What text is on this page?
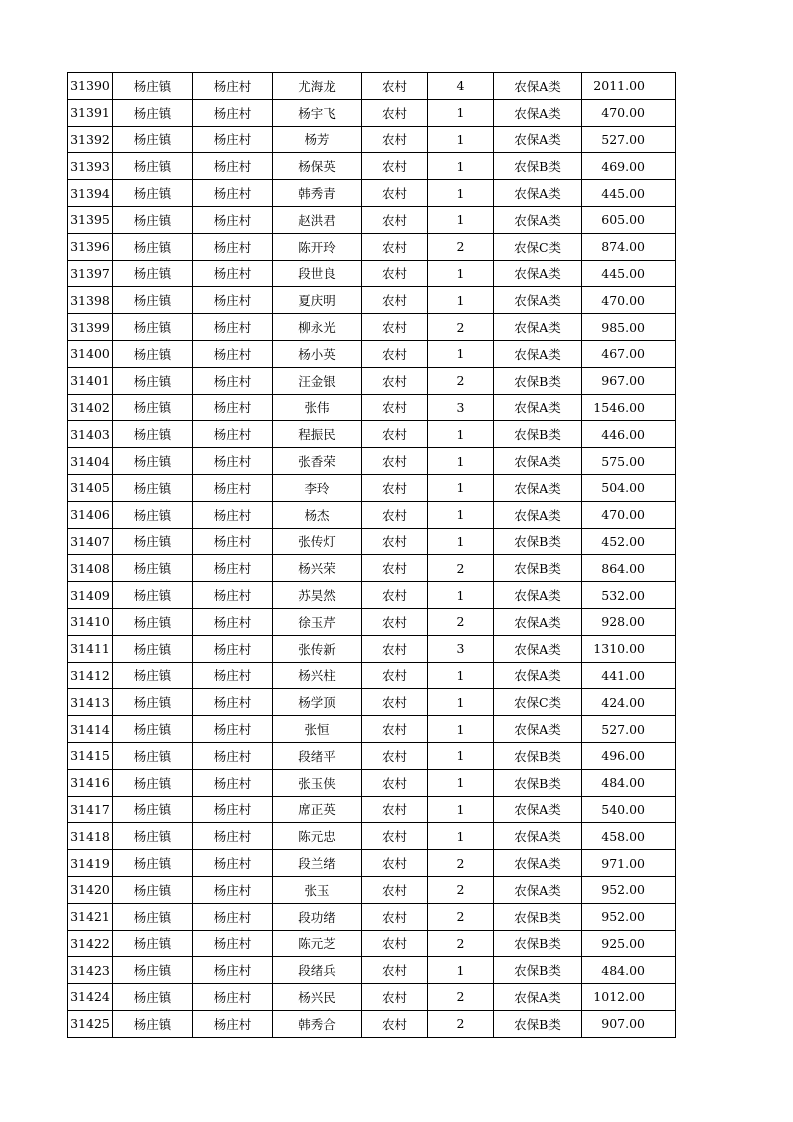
31390	杨庄镇	杨庄村	尤海龙	农村	4	农保A类	2011.00
31391	杨庄镇	杨庄村	杨宇飞	农村	1	农保A类	470.00
31392	杨庄镇	杨庄村	杨芳	农村	1	农保A类	527.00
31393	杨庄镇	杨庄村	杨保英	农村	1	农保B类	469.00
31394	杨庄镇	杨庄村	韩秀青	农村	1	农保A类	445.00
31395	杨庄镇	杨庄村	赵洪君	农村	1	农保A类	605.00
31396	杨庄镇	杨庄村	陈开玲	农村	2	农保C类	874.00
31397	杨庄镇	杨庄村	段世良	农村	1	农保A类	445.00
31398	杨庄镇	杨庄村	夏庆明	农村	1	农保A类	470.00
31399	杨庄镇	杨庄村	柳永光	农村	2	农保A类	985.00
31400	杨庄镇	杨庄村	杨小英	农村	1	农保A类	467.00
31401	杨庄镇	杨庄村	汪金银	农村	2	农保B类	967.00
31402	杨庄镇	杨庄村	张伟	农村	3	农保A类	1546.00
31403	杨庄镇	杨庄村	程振民	农村	1	农保B类	446.00
31404	杨庄镇	杨庄村	张香荣	农村	1	农保A类	575.00
31405	杨庄镇	杨庄村	李玲	农村	1	农保A类	504.00
31406	杨庄镇	杨庄村	杨杰	农村	1	农保A类	470.00
31407	杨庄镇	杨庄村	张传灯	农村	1	农保B类	452.00
31408	杨庄镇	杨庄村	杨兴荣	农村	2	农保B类	864.00
31409	杨庄镇	杨庄村	苏昊然	农村	1	农保A类	532.00
31410	杨庄镇	杨庄村	徐玉芹	农村	2	农保A类	928.00
31411	杨庄镇	杨庄村	张传新	农村	3	农保A类	1310.00
31412	杨庄镇	杨庄村	杨兴柱	农村	1	农保A类	441.00
31413	杨庄镇	杨庄村	杨学顶	农村	1	农保C类	424.00
31414	杨庄镇	杨庄村	张恒	农村	1	农保A类	527.00
31415	杨庄镇	杨庄村	段绪平	农村	1	农保B类	496.00
31416	杨庄镇	杨庄村	张玉侠	农村	1	农保B类	484.00
31417	杨庄镇	杨庄村	席正英	农村	1	农保A类	540.00
31418	杨庄镇	杨庄村	陈元忠	农村	1	农保A类	458.00
31419	杨庄镇	杨庄村	段兰绪	农村	2	农保A类	971.00
31420	杨庄镇	杨庄村	张玉	农村	2	农保A类	952.00
31421	杨庄镇	杨庄村	段功绪	农村	2	农保B类	952.00
31422	杨庄镇	杨庄村	陈元芝	农村	2	农保B类	925.00
31423	杨庄镇	杨庄村	段绪兵	农村	1	农保B类	484.00
31424	杨庄镇	杨庄村	杨兴民	农村	2	农保A类	1012.00
31425	杨庄镇	杨庄村	韩秀合	农村	2	农保B类	907.00
